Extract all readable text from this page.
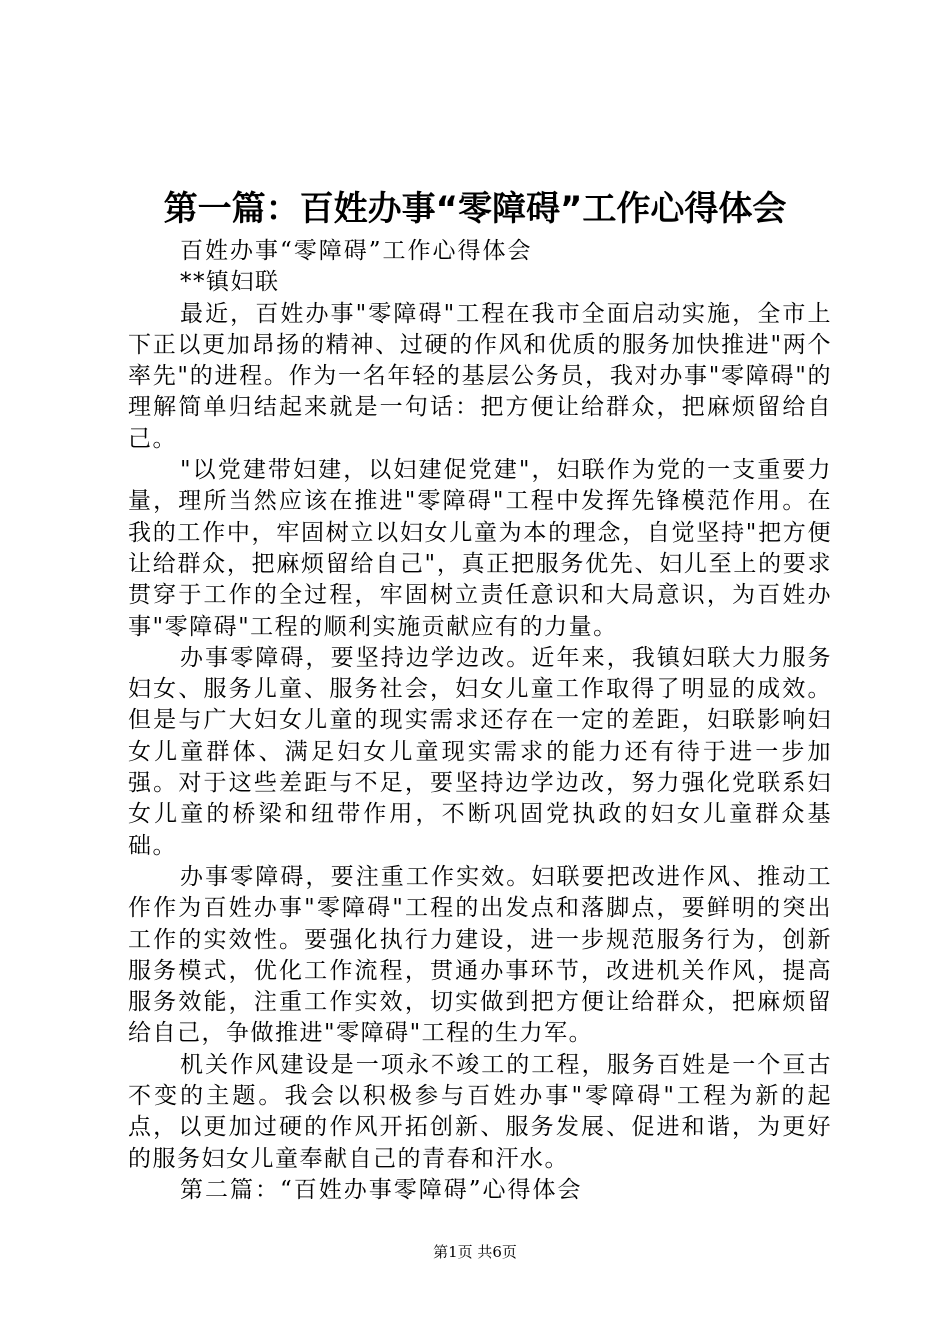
第一篇：百姓办事“零障碍”工作心得体会

百姓办事“零障碍”工作心得体会

**镇妇联

最近，百姓办事"零障碍"工程在我市全面启动实施，全市上下正以更加昂扬的精神、过硬的作风和优质的服务加快推进"两个率先"的进程。作为一名年轻的基层公务员，我对办事"零障碍"的理解简单归结起来就是一句话：把方便让给群众，把麻烦留给自己。

"以党建带妇建，以妇建促党建"，妇联作为党的一支重要力量，理所当然应该在推进"零障碍"工程中发挥先锋模范作用。在我的工作中，牢固树立以妇女儿童为本的理念，自觉坚持"把方便让给群众，把麻烦留给自己"，真正把服务优先、妇儿至上的要求贯穿于工作的全过程，牢固树立责任意识和大局意识，为百姓办事"零障碍"工程的顺利实施贡献应有的力量。

办事零障碍，要坚持边学边改。近年来，我镇妇联大力服务妇女、服务儿童、服务社会，妇女儿童工作取得了明显的成效。但是与广大妇女儿童的现实需求还存在一定的差距，妇联影响妇女儿童群体、满足妇女儿童现实需求的能力还有待于进一步加强。对于这些差距与不足，要坚持边学边改，努力强化党联系妇女儿童的桥梁和纽带作用，不断巩固党执政的妇女儿童群众基础。

办事零障碍，要注重工作实效。妇联要把改进作风、推动工作作为百姓办事"零障碍"工程的出发点和落脚点，要鲜明的突出工作的实效性。要强化执行力建设，进一步规范服务行为，创新服务模式，优化工作流程，贯通办事环节，改进机关作风，提高服务效能，注重工作实效，切实做到把方便让给群众，把麻烦留给自己，争做推进"零障碍"工程的生力军。

机关作风建设是一项永不竣工的工程，服务百姓是一个亘古不变的主题。我会以积极参与百姓办事"零障碍"工程为新的起点，以更加过硬的作风开拓创新、服务发展、促进和谐，为更好的服务妇女儿童奉献自己的青春和汗水。

第二篇：“百姓办事零障碍”心得体会

第1页 共6页
